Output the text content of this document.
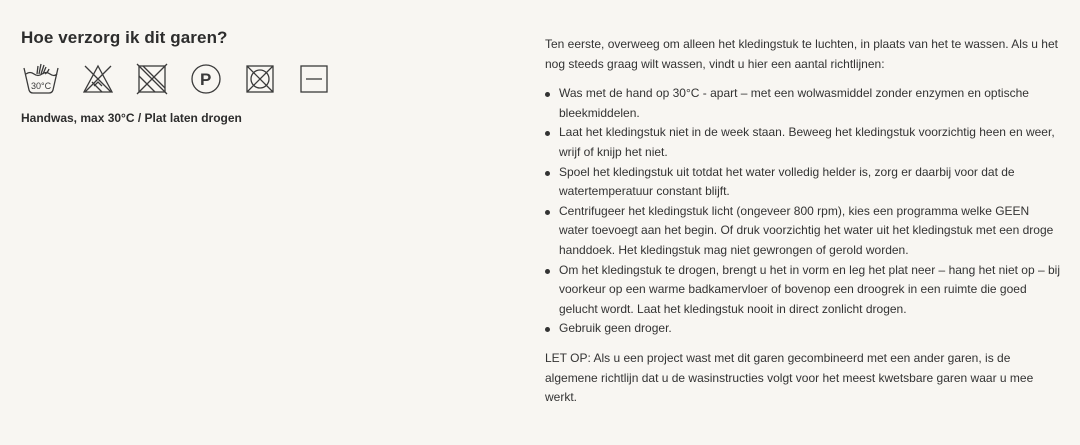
Hoe verzorg ik dit garen?
30°C	P
Handwas, max 30°C / Plat laten drogen

Ten eerste, overweeg om alleen het kledingstuk te luchten, in plaats van het te wassen. Als u het nog steeds graag wilt wassen, vindt u hier een aantal richtlijnen:

Was met de hand op 30°C - apart – met een wolwasmiddel zonder enzymen en optische bleekmiddelen.
Laat het kledingstuk niet in de week staan. Beweeg het kledingstuk voorzichtig heen en weer, wrijf of knijp het niet.
Spoel het kledingstuk uit totdat het water volledig helder is, zorg er daarbij voor dat de watertemperatuur constant blijft.
Centrifugeer het kledingstuk licht (ongeveer 800 rpm), kies een programma welke GEEN water toevoegt aan het begin. Of druk voorzichtig het water uit het kledingstuk met een droge handdoek. Het kledingstuk mag niet gewrongen of gerold worden.
Om het kledingstuk te drogen, brengt u het in vorm en leg het plat neer – hang het niet op – bij voorkeur op een warme badkamervloer of bovenop een droogrek in een ruimte die goed gelucht wordt. Laat het kledingstuk nooit in direct zonlicht drogen.
Gebruik geen droger.

LET OP: Als u een project wast met dit garen gecombineerd met een ander garen, is de algemene richtlijn dat u de wasinstructies volgt voor het meest kwetsbare garen waar u mee werkt.
